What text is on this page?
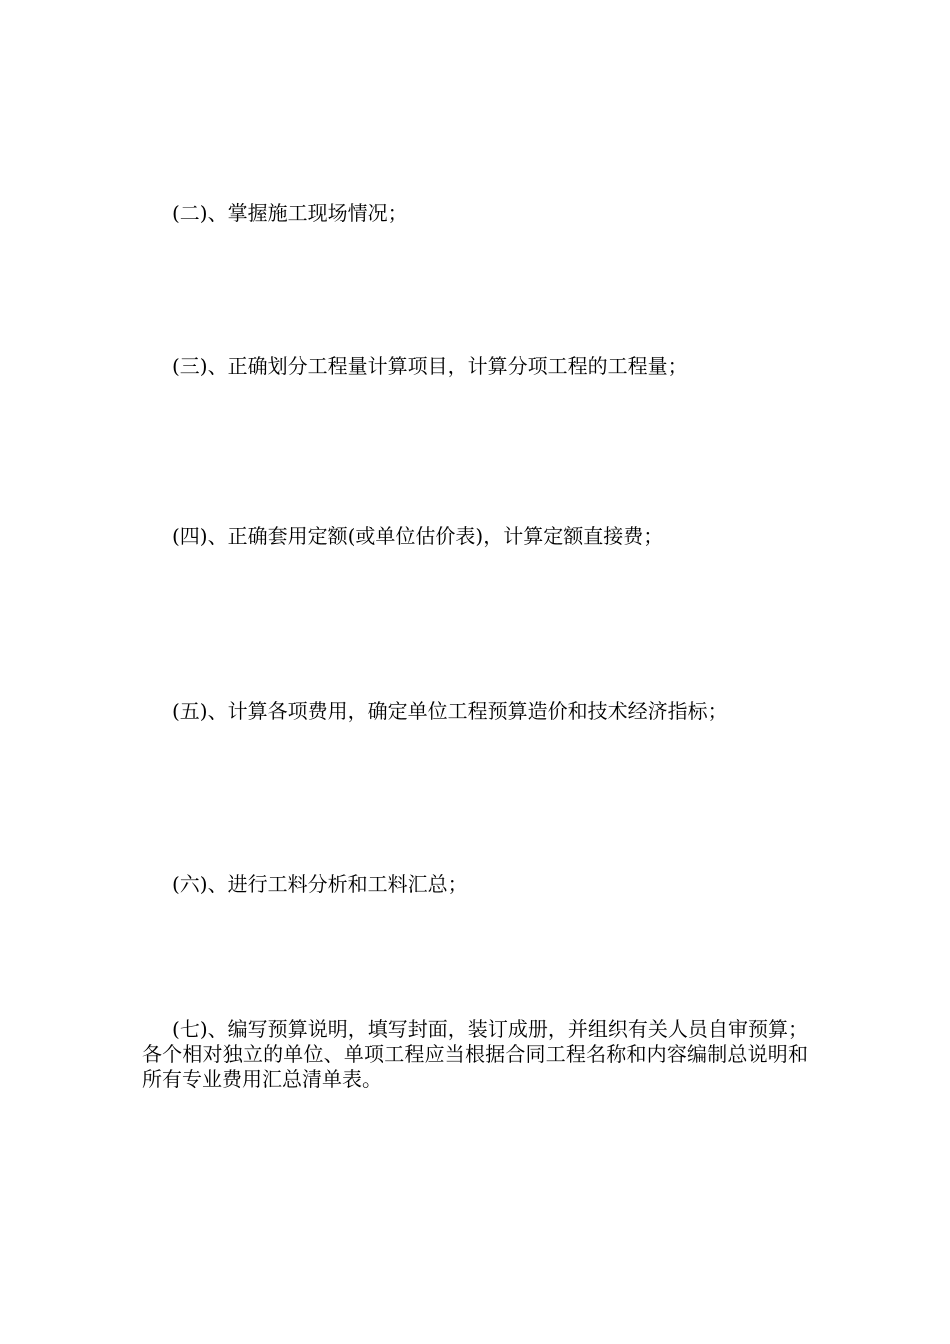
(二)、掌握施工现场情况；

(三)、正确划分工程量计算项目，计算分项工程的工程量；

(四)、正确套用定额(或单位估价表)，计算定额直接费；

(五)、计算各项费用，确定单位工程预算造价和技术经济指标；

(六)、进行工料分析和工料汇总；

(七)、编写预算说明，填写封面，装订成册，并组织有关人员自审预算；各个相对独立的单位、单项工程应当根据合同工程名称和内容编制总说明和所有专业费用汇总清单表。
